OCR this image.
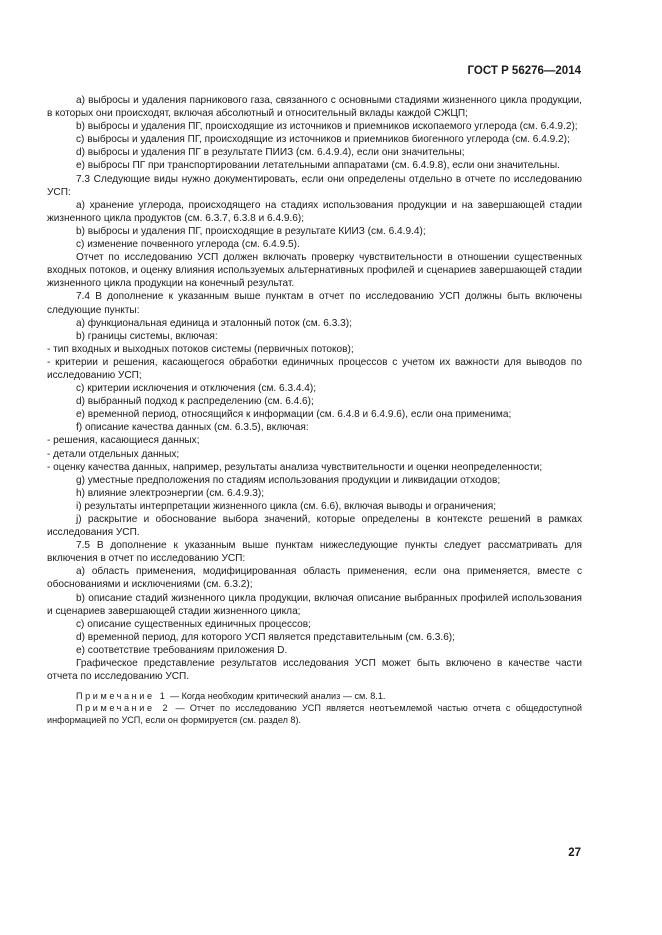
ГОСТ Р 56276—2014

a) выбросы и удаления парникового газа, связанного с основными стадиями жизненного цикла продукции, в которых они происходят, включая абсолютный и относительный вклады каждой СЖЦП;

b) выбросы и удаления ПГ, происходящие из источников и приемников ископаемого углерода (см. 6.4.9.2);

c) выбросы и удаления ПГ, происходящие из источников и приемников биогенного углерода (см. 6.4.9.2);

d) выбросы и удаления ПГ в результате ПИИЗ (см. 6.4.9.4), если они значительны;

e) выбросы ПГ при транспортировании летательными аппаратами (см. 6.4.9.8), если они значительны.

7.3 Следующие виды нужно документировать, если они определены отдельно в отчете по исследованию УСП:

a) хранение углерода, происходящего на стадиях использования продукции и на завершающей стадии жизненного цикла продуктов (см. 6.3.7, 6.3.8 и 6.4.9.6);

b) выбросы и удаления ПГ, происходящие в результате КИИЗ (см. 6.4.9.4);

c) изменение почвенного углерода (см. 6.4.9.5).

Отчет по исследованию УСП должен включать проверку чувствительности в отношении существенных входных потоков, и оценку влияния используемых альтернативных профилей и сценариев завершающей стадии жизненного цикла продукции на конечный результат.

7.4 В дополнение к указанным выше пунктам в отчет по исследованию УСП должны быть включены следующие пункты:

a) функциональная единица и эталонный поток (см. 6.3.3);

b) границы системы, включая:

- тип входных и выходных потоков системы (первичных потоков);

- критерии и решения, касающегося обработки единичных процессов с учетом их важности для выводов по исследованию УСП;

c) критерии исключения и отключения (см. 6.3.4.4);

d) выбранный подход к распределению (см. 6.4.6);

e) временной период, относящийся к информации (см. 6.4.8 и 6.4.9.6), если она применима;

f) описание качества данных (см. 6.3.5), включая:

- решения, касающиеся данных;

- детали отдельных данных;

- оценку качества данных, например, результаты анализа чувствительности и оценки неопределенности;

g) уместные предположения по стадиям использования продукции и ликвидации отходов;

h) влияние электроэнергии (см. 6.4.9.3);

i) результаты интерпретации жизненного цикла (см. 6.6), включая выводы и ограничения;

j) раскрытие и обоснование выбора значений, которые определены в контексте решений в рамках исследования УСП.

7.5 В дополнение к указанным выше пунктам нижеследующие пункты следует рассматривать для включения в отчет по исследованию УСП:

a) область применения, модифицированная область применения, если она применяется, вместе с обоснованиями и исключениями (см. 6.3.2);

b) описание стадий жизненного цикла продукции, включая описание выбранных профилей использования и сценариев завершающей стадии жизненного цикла;

c) описание существенных единичных процессов;

d) временной период, для которого УСП является представительным (см. 6.3.6);

e) соответствие требованиям приложения D.

Графическое представление результатов исследования УСП может быть включено в качестве части отчета по исследованию УСП.

Примечание 1 — Когда необходим критический анализ — см. 8.1.

Примечание 2 — Отчет по исследованию УСП является неотъемлемой частью отчета с общедоступной информацией по УСП, если он формируется (см. раздел 8).

27
